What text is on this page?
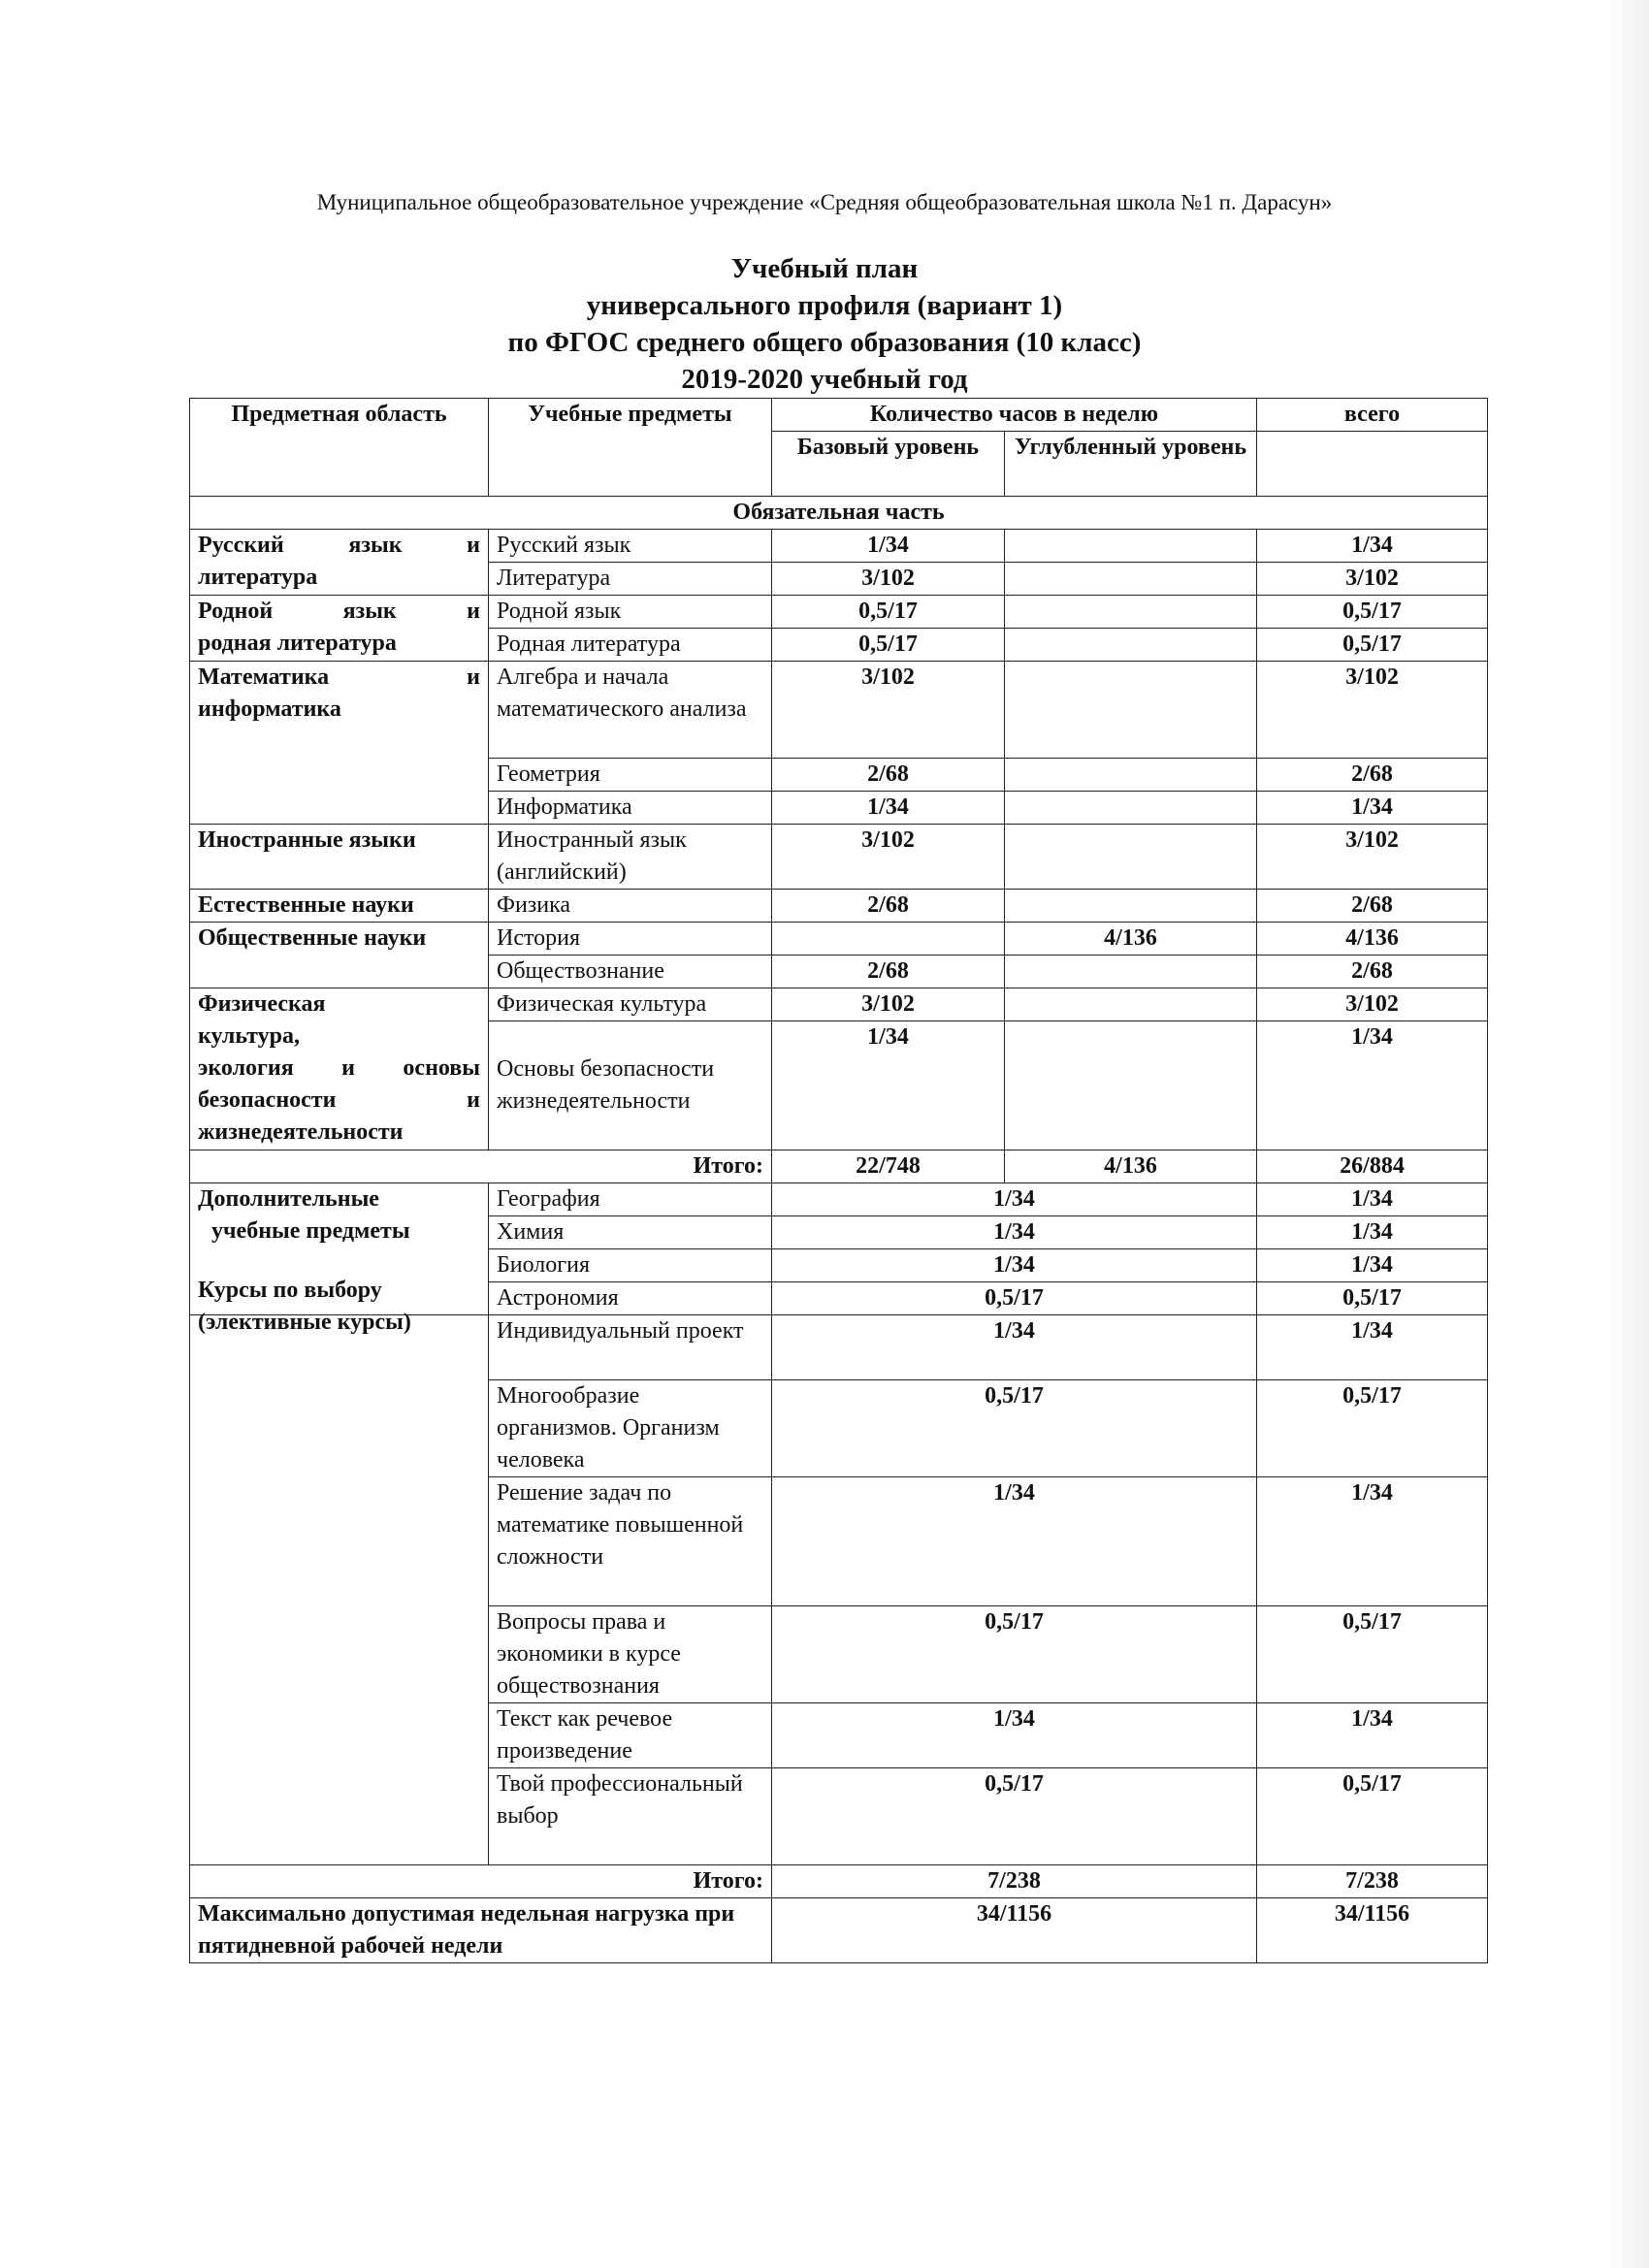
Муниципальное общеобразовательное учреждение «Средняя общеобразовательная школа №1 п. Дарасун»
Учебный план
универсального профиля (вариант 1)
по ФГОС среднего общего образования (10 класс)
2019-2020 учебный год
Предметная область	Учебные предметы	Количество часов в неделю		всего
		Базовый уровень	Углубленный уровень	
Обязательная часть				

Русский язык и
литература	Русский язык	1/34		1/34
	Литература	3/102		3/102

Родной язык и
родная литература	Родной язык	0,5/17		0,5/17
	Родная литература	0,5/17		0,5/17

Математика и
информатика	Алгебра и начала математического анализа	3/102		3/102
	Геометрия	2/68		2/68
	Информатика	1/34		1/34
Иностранные языки	Иностранный язык (английский)	3/102		3/102
Естественные науки	Физика	2/68		2/68
Общественные науки	История		4/136	4/136
	Обществознание	2/68		2/68

Физическая
культура,
экология и основы
безопасности и
жизнедеятельности	Физическая культура	3/102		3/102
	Основы безопасности жизнедеятельности	1/34		1/34
Итого:		22/748	4/136	26/884

Дополнительные
учебные предметы	География	1/34		1/34
	Химия	1/34		1/34
	Биология	1/34		1/34
	Астрономия	0,5/17		0,5/17

Курсы по выбору
(элективные курсы)	Индивидуальный проект	1/34		1/34
	Многообразие организмов. Организм человека	0,5/17		0,5/17
	Решение задач по математике повышенной сложности	1/34		1/34
	Вопросы права и экономики в курсе обществознания	0,5/17		0,5/17
	Текст как речевое произведение	1/34		1/34
	Твой профессиональный выбор	0,5/17		0,5/17
Итого:		7/238		7/238
Максимально допустимая недельная нагрузка при пятидневной рабочей недели		34/1156		34/1156
